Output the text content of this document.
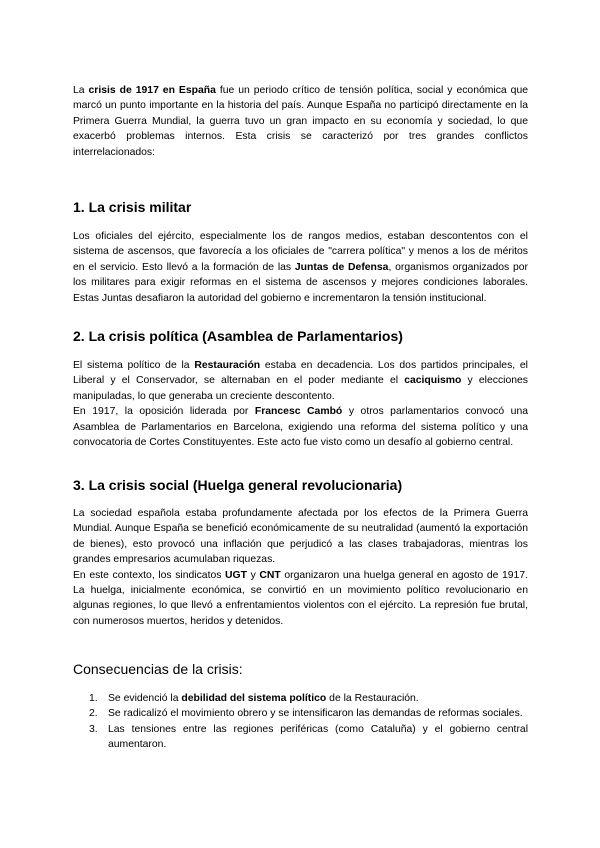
La crisis de 1917 en España fue un periodo crítico de tensión política, social y económica que marcó un punto importante en la historia del país. Aunque España no participó directamente en la Primera Guerra Mundial, la guerra tuvo un gran impacto en su economía y sociedad, lo que exacerbó problemas internos. Esta crisis se caracterizó por tres grandes conflictos interrelacionados:

1. La crisis militar

Los oficiales del ejército, especialmente los de rangos medios, estaban descontentos con el sistema de ascensos, que favorecía a los oficiales de "carrera política" y menos a los de méritos en el servicio. Esto llevó a la formación de las Juntas de Defensa, organismos organizados por los militares para exigir reformas en el sistema de ascensos y mejores condiciones laborales. Estas Juntas desafiaron la autoridad del gobierno e incrementaron la tensión institucional.

2. La crisis política (Asamblea de Parlamentarios)

El sistema político de la Restauración estaba en decadencia. Los dos partidos principales, el Liberal y el Conservador, se alternaban en el poder mediante el caciquismo y elecciones manipuladas, lo que generaba un creciente descontento.

En 1917, la oposición liderada por Francesc Cambó y otros parlamentarios convocó una Asamblea de Parlamentarios en Barcelona, exigiendo una reforma del sistema político y una convocatoria de Cortes Constituyentes. Este acto fue visto como un desafío al gobierno central.

3. La crisis social (Huelga general revolucionaria)

La sociedad española estaba profundamente afectada por los efectos de la Primera Guerra Mundial. Aunque España se benefició económicamente de su neutralidad (aumentó la exportación de bienes), esto provocó una inflación que perjudicó a las clases trabajadoras, mientras los grandes empresarios acumulaban riquezas.

En este contexto, los sindicatos UGT y CNT organizaron una huelga general en agosto de 1917. La huelga, inicialmente económica, se convirtió en un movimiento político revolucionario en algunas regiones, lo que llevó a enfrentamientos violentos con el ejército. La represión fue brutal, con numerosos muertos, heridos y detenidos.

Consecuencias de la crisis:
1. Se evidenció la debilidad del sistema político de la Restauración.
2. Se radicalizó el movimiento obrero y se intensificaron las demandas de reformas sociales.
3. Las tensiones entre las regiones periféricas (como Cataluña) y el gobierno central aumentaron.
